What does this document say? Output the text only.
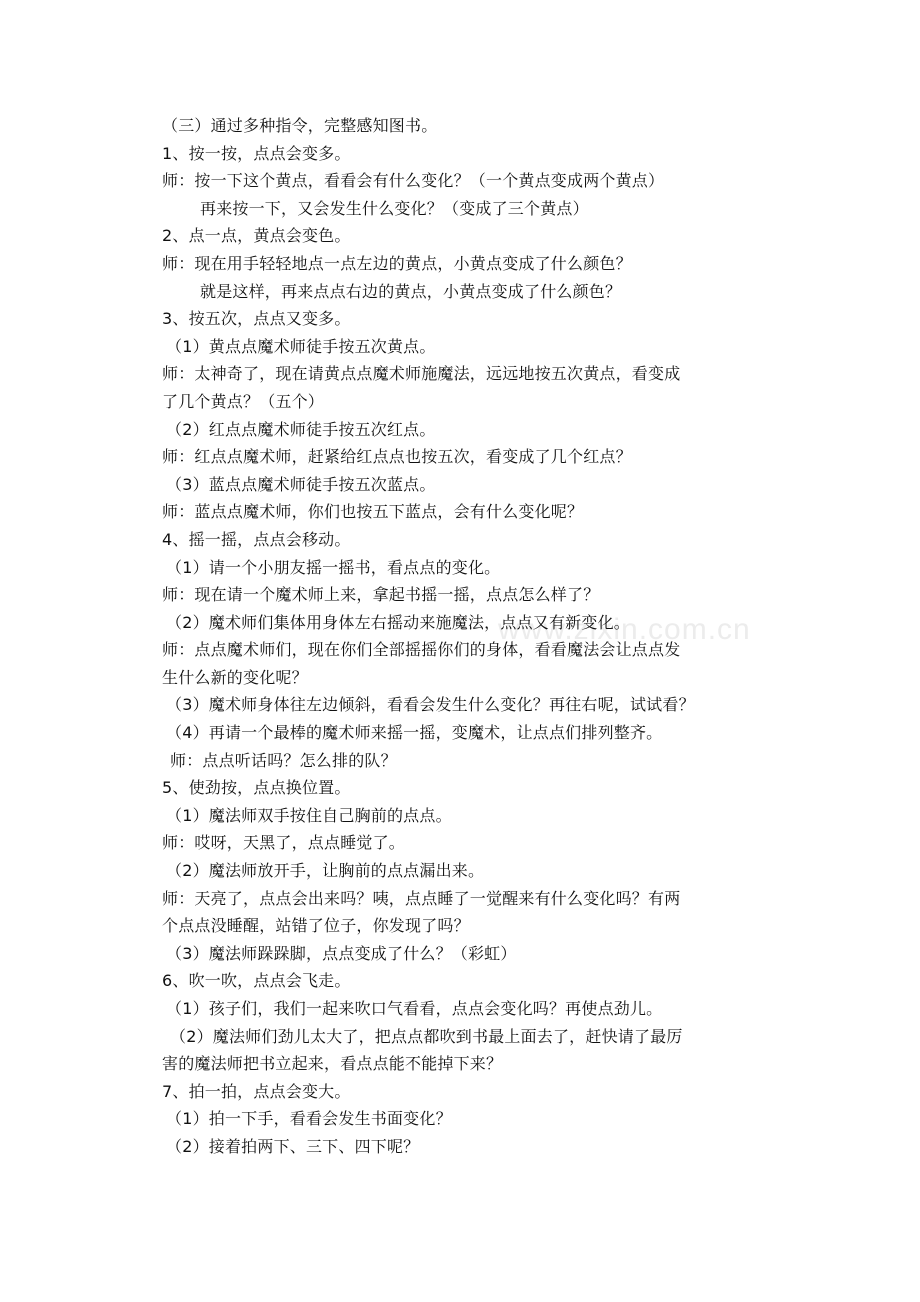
www.zixin.com.cn
（三）通过多种指令，完整感知图书。
1、按一按，点点会变多。
师：按一下这个黄点，看看会有什么变化？（一个黄点变成两个黄点）
再来按一下，又会发生什么变化？（变成了三个黄点）
2、点一点，黄点会变色。
师：现在用手轻轻地点一点左边的黄点，小黄点变成了什么颜色？
就是这样，再来点点右边的黄点，小黄点变成了什么颜色？
3、按五次，点点又变多。
（1）黄点点魔术师徒手按五次黄点。
师：太神奇了，现在请黄点点魔术师施魔法，远远地按五次黄点，看变成
了几个黄点？（五个）
（2）红点点魔术师徒手按五次红点。
师：红点点魔术师，赶紧给红点点也按五次，看变成了几个红点？
（3）蓝点点魔术师徒手按五次蓝点。
师：蓝点点魔术师，你们也按五下蓝点，会有什么变化呢？
4、摇一摇，点点会移动。
（1）请一个小朋友摇一摇书，看点点的变化。
师：现在请一个魔术师上来，拿起书摇一摇，点点怎么样了？
（2）魔术师们集体用身体左右摇动来施魔法，点点又有新变化。
师：点点魔术师们，现在你们全部摇摇你们的身体，看看魔法会让点点发
生什么新的变化呢？
（3）魔术师身体往左边倾斜，看看会发生什么变化？再往右呢，试试看？
（4）再请一个最棒的魔术师来摇一摇，变魔术，让点点们排列整齐。
师：点点听话吗？怎么排的队？
5、使劲按，点点换位置。
（1）魔法师双手按住自己胸前的点点。
师：哎呀，天黑了，点点睡觉了。
（2）魔法师放开手，让胸前的点点漏出来。
师：天亮了，点点会出来吗？咦，点点睡了一觉醒来有什么变化吗？有两
个点点没睡醒，站错了位子，你发现了吗？
（3）魔法师跺跺脚，点点变成了什么？（彩虹）
6、吹一吹，点点会飞走。
（1）孩子们，我们一起来吹口气看看，点点会变化吗？再使点劲儿。
（2）魔法师们劲儿太大了，把点点都吹到书最上面去了，赶快请了最厉
害的魔法师把书立起来，看点点能不能掉下来？
7、拍一拍，点点会变大。
（1）拍一下手，看看会发生书面变化？
（2）接着拍两下、三下、四下呢？
